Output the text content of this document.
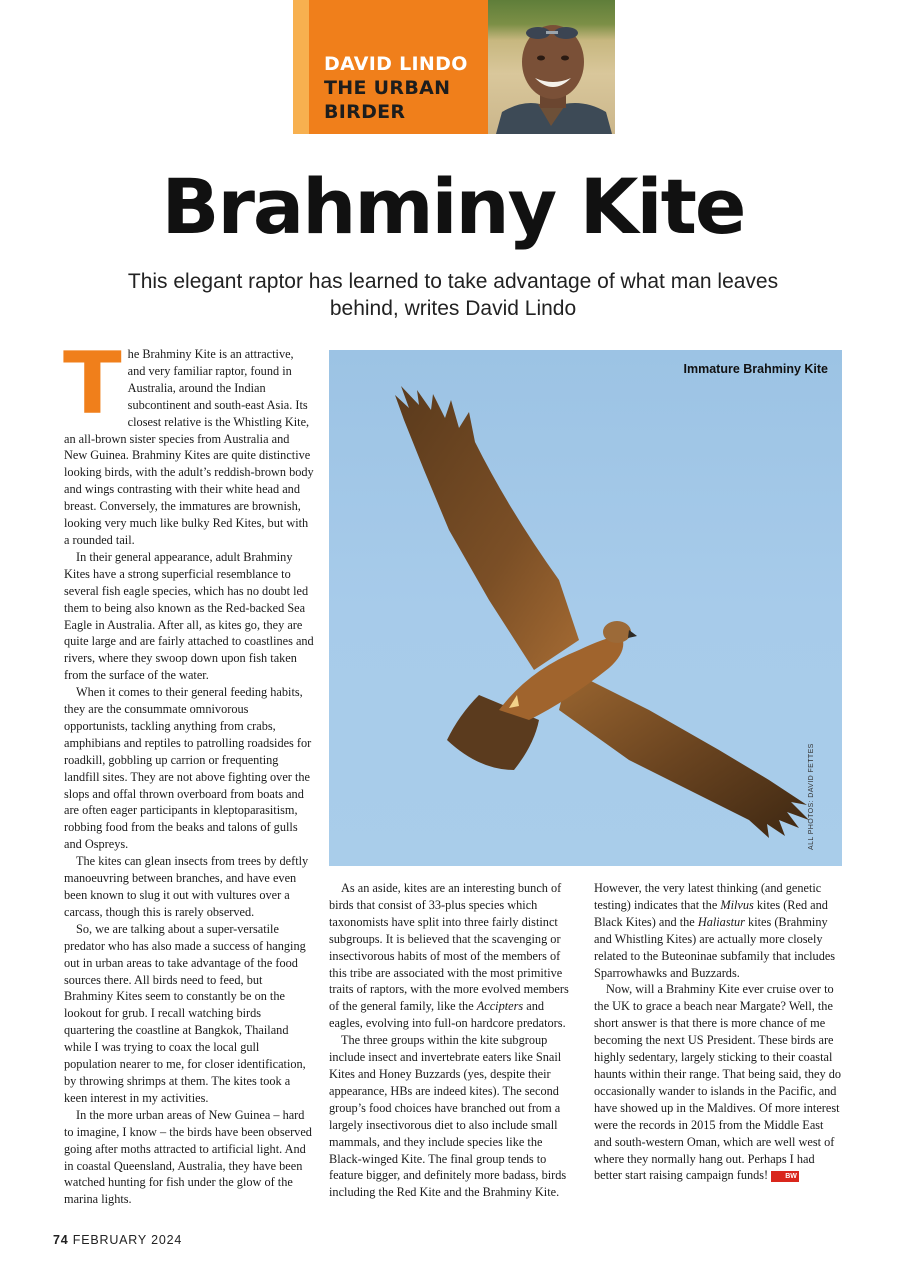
DAVID LINDO
THE URBAN
BIRDER
Brahminy Kite
This elegant raptor has learned to take advantage of what man leaves behind, writes David Lindo

The Brahminy Kite is an attractive, and very familiar raptor, found in Australia, around the Indian subcontinent and south-east Asia. Its closest relative is the Whistling Kite, an all-brown sister species from Australia and New Guinea. Brahminy Kites are quite distinctive looking birds, with the adult’s reddish-brown body and wings contrasting with their white head and breast. Conversely, the immatures are brownish, looking very much like bulky Red Kites, but with a rounded tail.

In their general appearance, adult Brahminy Kites have a strong superficial resemblance to several fish eagle species, which has no doubt led them to being also known as the Red-backed Sea Eagle in Australia. After all, as kites go, they are quite large and are fairly attached to coastlines and rivers, where they swoop down upon fish taken from the surface of the water.

When it comes to their general feeding habits, they are the consummate omnivorous opportunists, tackling anything from crabs, amphibians and reptiles to patrolling roadsides for roadkill, gobbling up carrion or frequenting landfill sites. They are not above fighting over the slops and offal thrown overboard from boats and are often eager participants in kleptoparasitism, robbing food from the beaks and talons of gulls and Ospreys.

The kites can glean insects from trees by deftly manoeuvring between branches, and have even been known to slug it out with vultures over a carcass, though this is rarely observed.

So, we are talking about a super-versatile predator who has also made a success of hanging out in urban areas to take advantage of the food sources there. All birds need to feed, but Brahminy Kites seem to constantly be on the lookout for grub. I recall watching birds quartering the coastline at Bangkok, Thailand while I was trying to coax the local gull population nearer to me, for closer identification, by throwing shrimps at them. The kites took a keen interest in my activities.

In the more urban areas of New Guinea – hard to imagine, I know – the birds have been observed going after moths attracted to artificial light. And in coastal Queensland, Australia, they have been watched hunting for fish under the glow of the marina lights.

Immature Brahminy Kite
ALL PHOTOS: DAVID FETTES

As an aside, kites are an interesting bunch of birds that consist of 33-plus species which taxonomists have split into three fairly distinct subgroups. It is believed that the scavenging or insectivorous habits of most of the members of this tribe are associated with the most primitive traits of raptors, with the more evolved members of the general family, like the Accipters and eagles, evolving into full-on hardcore predators.

The three groups within the kite subgroup include insect and invertebrate eaters like Snail Kites and Honey Buzzards (yes, despite their appearance, HBs are indeed kites). The second group’s food choices have branched out from a largely insectivorous diet to also include small mammals, and they include species like the Black-winged Kite. The final group tends to feature bigger, and definitely more badass, birds including the Red Kite and the Brahminy Kite.

However, the very latest thinking (and genetic testing) indicates that the Milvus kites (Red and Black Kites) and the Haliastur kites (Brahminy and Whistling Kites) are actually more closely related to the Buteoninae subfamily that includes Sparrowhawks and Buzzards.

Now, will a Brahminy Kite ever cruise over to the UK to grace a beach near Margate? Well, the short answer is that there is more chance of me becoming the next US President. These birds are highly sedentary, largely sticking to their coastal haunts within their range. That being said, they do occasionally wander to islands in the Pacific, and have showed up in the Maldives. Of more interest were the records in 2015 from the Middle East and south-western Oman, which are well west of where they normally hang out. Perhaps I had better start raising campaign funds! BW

74 FEBRUARY 2024
